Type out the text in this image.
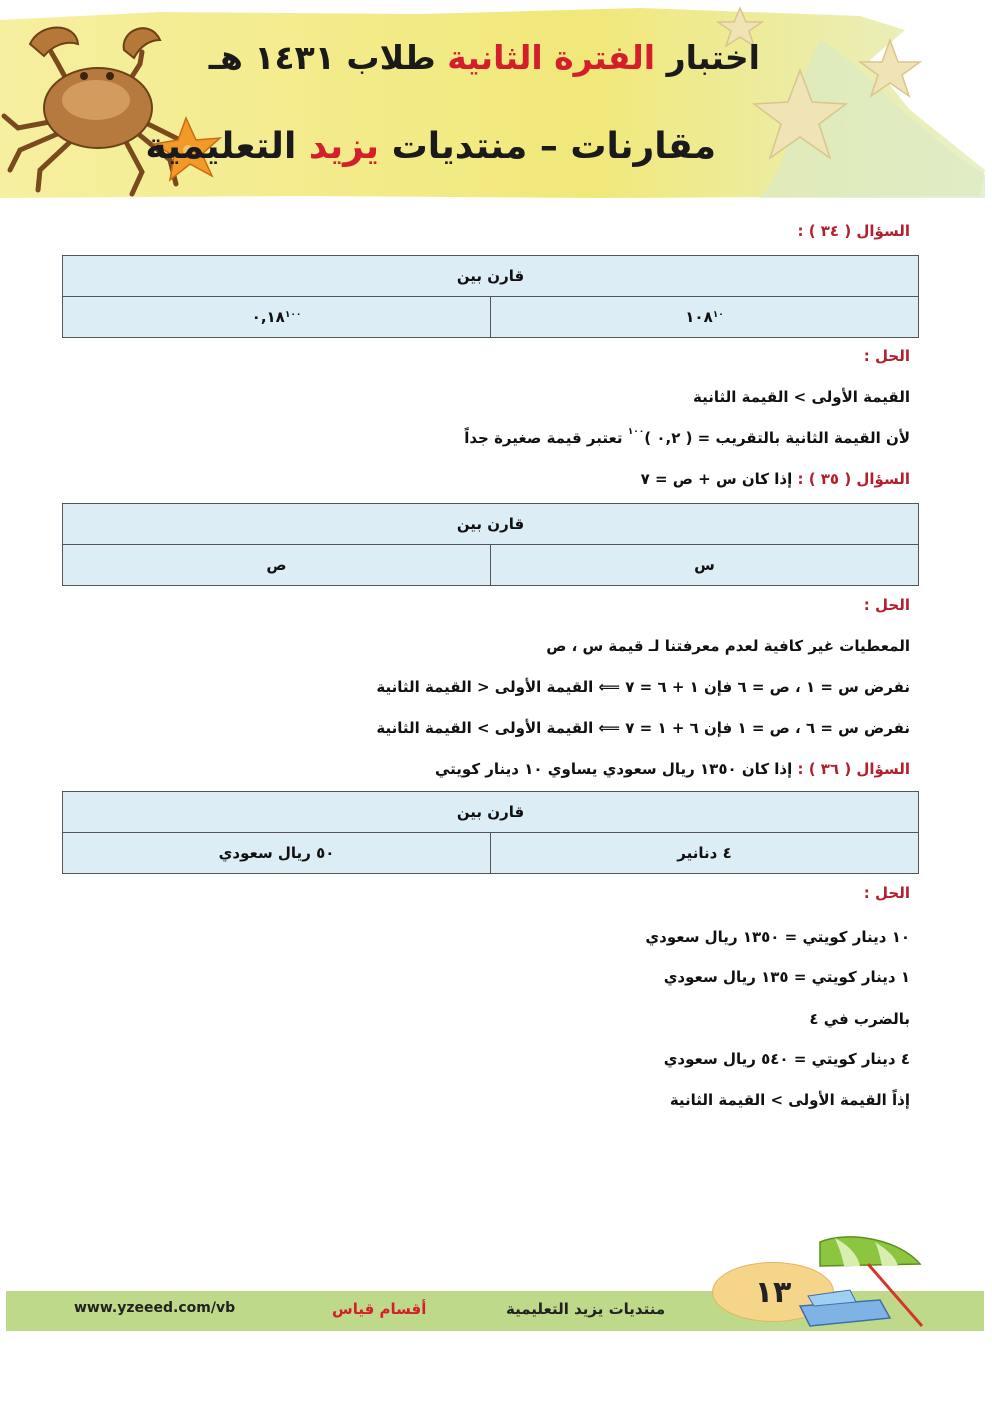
اختبار الفترة الثانية طلاب ١٤٣١ هـ
مقارنات – منتديات يزيد التعليمية
السؤال ( ٣٤ ) :
قارن بين
$١٠٨^{١٠}$
٠,١٨$^{١٠٠}$
الحل :
القيمة الأولى > القيمة الثانية
لأن القيمة الثانية بالتقريب = ( ٠,٢ )$^{١٠٠}$ تعتبر قيمة صغيرة جداً
السؤال ( ٣٥ ) : إذا كان س + ص = ٧
قارن بين
س
ص
الحل :
المعطيات غير كافية لعدم معرفتنا لـ قيمة س ، ص
نفرض س = ١ ، ص = ٦ فإن ١ + ٦ = ٧ ⟸ القيمة الأولى < القيمة الثانية
نفرض س = ٦ ، ص = ١ فإن ٦ + ١ = ٧ ⟸ القيمة الأولى > القيمة الثانية
السؤال ( ٣٦ ) : إذا كان ١٣٥٠ ريال سعودي يساوي ١٠ دينار كويتي
قارن بين
٤ دنانير
٥٠ ريال سعودي
الحل :
١٠ دينار كويتي = ١٣٥٠ ريال سعودي
١ دينار كويتي = ١٣٥ ريال سعودي
بالضرب في ٤
٤ دينار كويتي = ٥٤٠ ريال سعودي
إذاً القيمة الأولى > القيمة الثانية
١٣
www.yzeeed.com/vb	أقسام قياس	منتديات يزيد التعليمية
